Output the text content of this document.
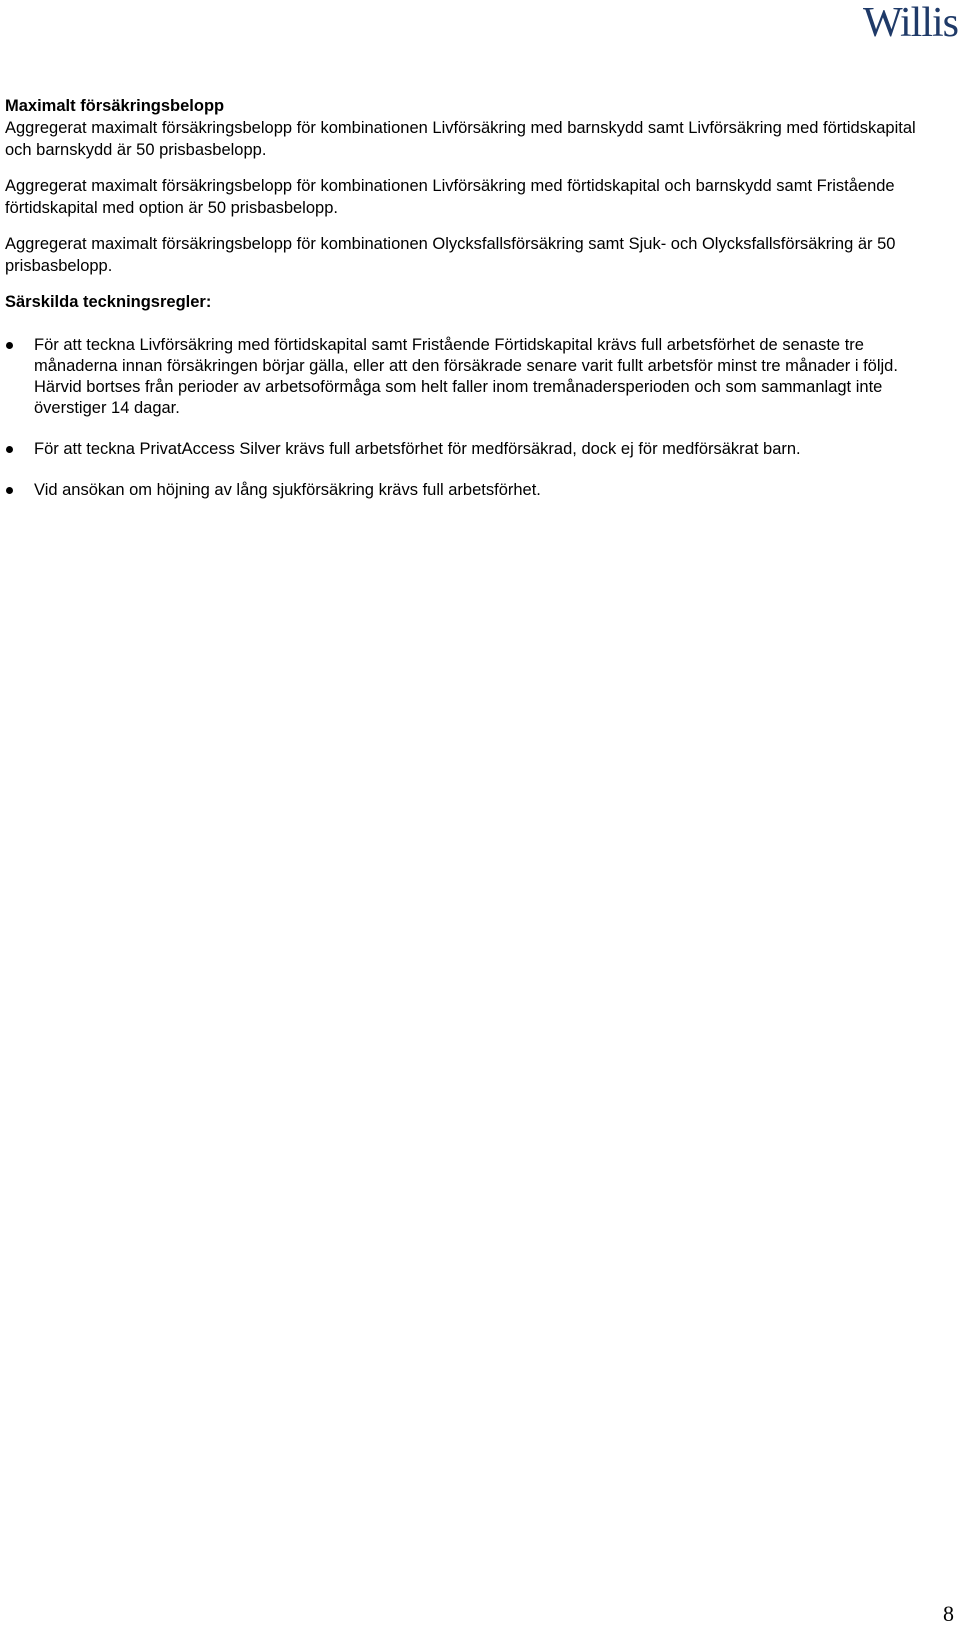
Willis

Maximalt försäkringsbelopp

Aggregerat maximalt försäkringsbelopp för kombinationen Livförsäkring med barnskydd samt Livförsäkring med förtidskapital och barnskydd är 50 prisbasbelopp.

Aggregerat maximalt försäkringsbelopp för kombinationen Livförsäkring med förtidskapital och barnskydd samt Fristående förtidskapital med option är 50 prisbasbelopp.

Aggregerat maximalt försäkringsbelopp för kombinationen Olycksfallsförsäkring samt Sjuk- och Olycksfallsförsäkring är 50 prisbasbelopp.

Särskilda teckningsregler:

För att teckna Livförsäkring med förtidskapital samt Fristående Förtidskapital krävs full arbetsförhet de senaste tre månaderna innan försäkringen börjar gälla, eller att den försäkrade senare varit fullt arbetsför minst tre månader i följd. Härvid bortses från perioder av arbetsoförmåga som helt faller inom tremånadersperioden och som sammanlagt inte överstiger 14 dagar.
För att teckna PrivatAccess Silver krävs full arbetsförhet för medförsäkrad, dock ej för medförsäkrat barn.
Vid ansökan om höjning av lång sjukförsäkring krävs full arbetsförhet.
8
